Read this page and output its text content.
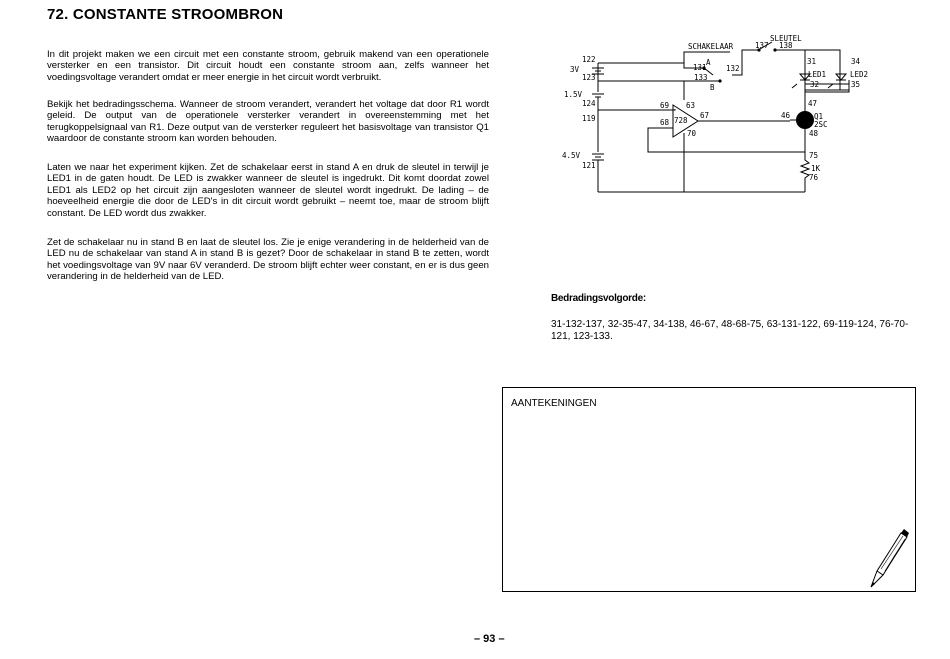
72. CONSTANTE STROOMBRON
In dit projekt maken we een circuit met een constante stroom, gebruik makend van een operationele versterker en een transistor. Dit circuit houdt een constante stroom aan, zelfs wanneer het voedingsvoltage verandert omdat er meer energie in het circuit wordt verbruikt.
Bekijk het bedradingsschema. Wanneer de stroom verandert, verandert het voltage dat door R1 wordt geleid. De output van de operationele versterker verandert in overeenstemming met het terugkoppelsignaal van R1. Deze output van de versterker reguleert het basisvoltage van transistor Q1 waardoor de constante stroom kan worden behouden.
Laten we naar het experiment kijken. Zet de schakelaar eerst in stand A en druk de sleutel in terwijl je LED1 in de gaten houdt. De LED is zwakker wanneer de sleutel is ingedrukt. Dit komt doordat zowel LED1 als LED2 op het circuit zijn aangesloten wanneer de sleutel wordt ingedrukt. De lading – de hoeveelheid energie die door de LED's in dit circuit wordt gebruikt – neemt toe, maar de stroom blijft constant. De LED wordt dus zwakker.
Zet de schakelaar nu in stand B en laat de sleutel los. Zie je enige verandering in de helderheid van de LED nu de schakelaar van stand A in stand B is gezet? Door de schakelaar in stand B te zetten, wordt het voedingsvoltage van 9V naar 6V veranderd. De stroom blijft echter weer constant, en er is dus geen verandering in de helderheid van de LED.
SLEUTEL
SCHAKELAAR	137 138
122
3V
123
1.5V
124
119
4.5V
121
131
A
132
133
B
31
32
34
35
LED1	LED2
47
46
48
Q1
2SC
69 63
68
67
70
728
75
1K
76
Bedradingsvolgorde:
31-132-137, 32-35-47, 34-138, 46-67, 48-68-75, 63-131-122, 69-119-124, 76-70-121, 123-133.
AANTEKENINGEN
– 93 –
